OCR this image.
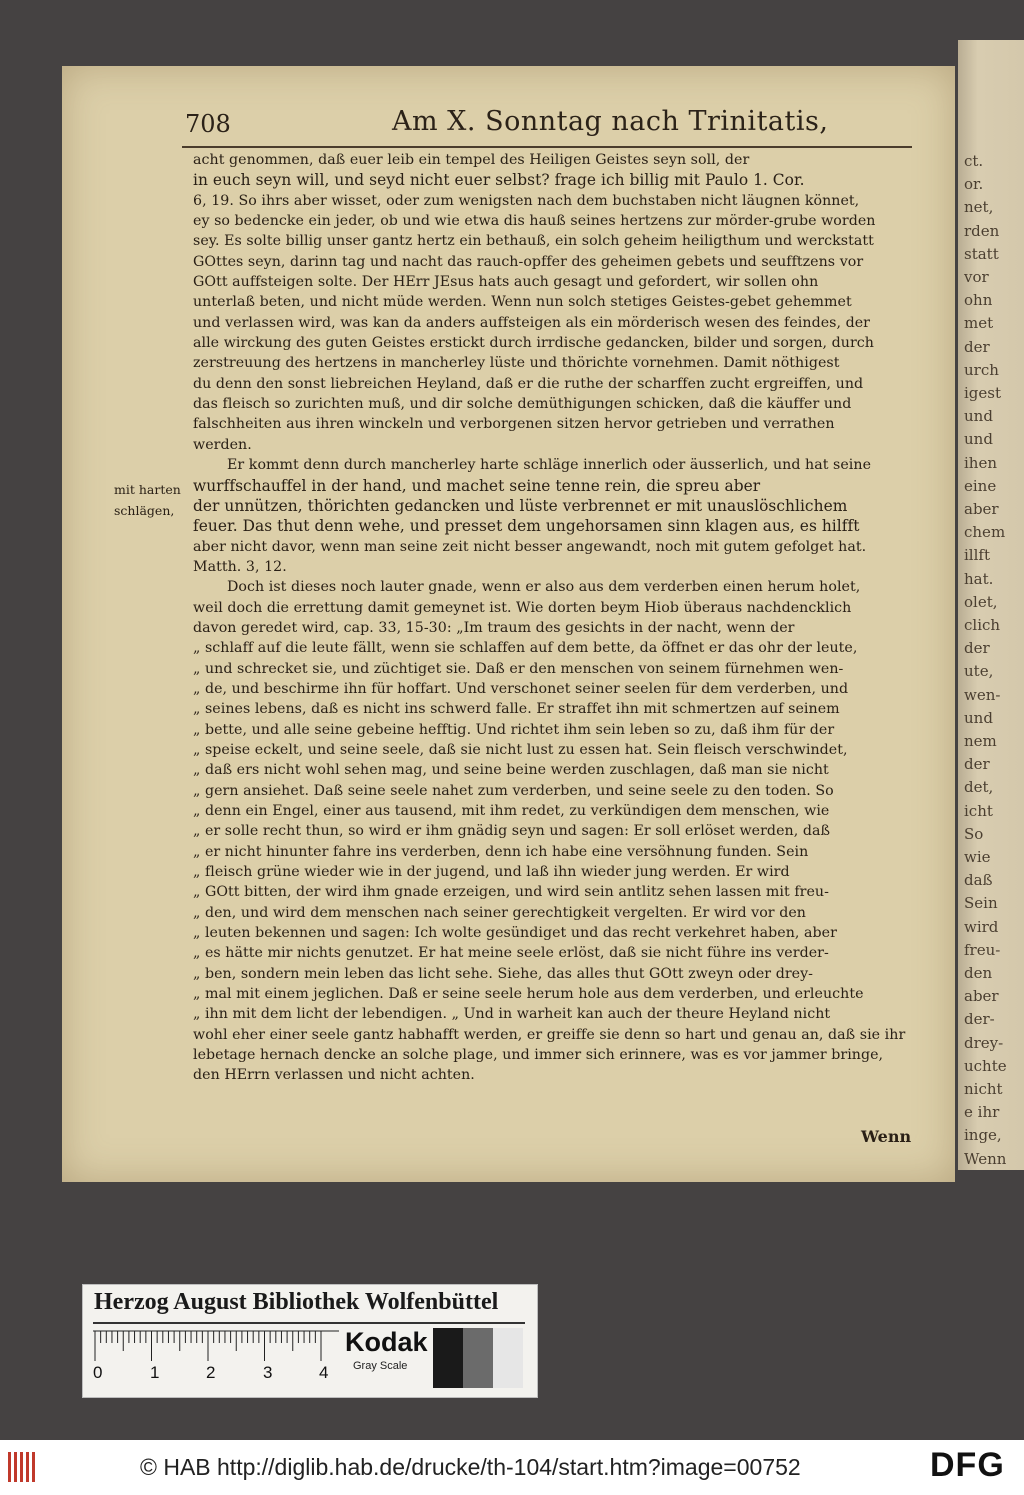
ct.
or.
net,
rden
statt
vor
ohn
met
der
urch
igest
und
und
ihen
eine
aber
chem
illft
hat.
olet,
clich
der
ute,
wen-
und
nem
der
det,
icht
So
wie
daß
Sein
wird
freu-
den
aber
der-
drey-
uchte
nicht
e ihr
inge,
Wenn
708	Am X. Sonntag nach Trinitatis,
mit harten
schlägen,
acht genommen, daß euer leib ein tempel des Heiligen Geistes seyn soll, der
in euch seyn will, und seyd nicht euer selbst? frage ich billig mit Paulo 1. Cor.
6, 19. So ihrs aber wisset, oder zum wenigsten nach dem buchstaben nicht läugnen könnet,
ey so bedencke ein jeder, ob und wie etwa dis hauß seines hertzens zur mörder-grube worden
sey. Es solte billig unser gantz hertz ein bethauß, ein solch geheim heiligthum und werckstatt
GOttes seyn, darinn tag und nacht das rauch-opffer des geheimen gebets und seufftzens vor
GOtt auffsteigen solte. Der HErr JEsus hats auch gesagt und gefordert, wir sollen ohn
unterlaß beten, und nicht müde werden. Wenn nun solch stetiges Geistes-gebet gehemmet
und verlassen wird, was kan da anders auffsteigen als ein mörderisch wesen des feindes, der
alle wirckung des guten Geistes erstickt durch irrdische gedancken, bilder und sorgen, durch
zerstreuung des hertzens in mancherley lüste und thörichte vornehmen. Damit nöthigest
du denn den sonst liebreichen Heyland, daß er die ruthe der scharffen zucht ergreiffen, und
das fleisch so zurichten muß, und dir solche demüthigungen schicken, daß die käuffer und
falschheiten aus ihren winckeln und verborgenen sitzen hervor getrieben und verrathen
werden.
Er kommt denn durch mancherley harte schläge innerlich oder äusserlich, und hat seine
wurffschauffel in der hand, und machet seine tenne rein, die spreu aber
der unnützen, thörichten gedancken und lüste verbrennet er mit unauslöschlichem
feuer. Das thut denn wehe, und presset dem ungehorsamen sinn klagen aus, es hilfft
aber nicht davor, wenn man seine zeit nicht besser angewandt, noch mit gutem gefolget hat.
Matth. 3, 12.
Doch ist dieses noch lauter gnade, wenn er also aus dem verderben einen herum holet,
weil doch die errettung damit gemeynet ist. Wie dorten beym Hiob überaus nachdencklich
davon geredet wird, cap. 33, 15-30: „Im traum des gesichts in der nacht, wenn der
„ schlaff auf die leute fällt, wenn sie schlaffen auf dem bette, da öffnet er das ohr der leute,
„ und schrecket sie, und züchtiget sie. Daß er den menschen von seinem fürnehmen wen-
„ de, und beschirme ihn für hoffart. Und verschonet seiner seelen für dem verderben, und
„ seines lebens, daß es nicht ins schwerd falle. Er straffet ihn mit schmertzen auf seinem
„ bette, und alle seine gebeine hefftig. Und richtet ihm sein leben so zu, daß ihm für der
„ speise eckelt, und seine seele, daß sie nicht lust zu essen hat. Sein fleisch verschwindet,
„ daß ers nicht wohl sehen mag, und seine beine werden zuschlagen, daß man sie nicht
„ gern ansiehet. Daß seine seele nahet zum verderben, und seine seele zu den toden. So
„ denn ein Engel, einer aus tausend, mit ihm redet, zu verkündigen dem menschen, wie
„ er solle recht thun, so wird er ihm gnädig seyn und sagen: Er soll erlöset werden, daß
„ er nicht hinunter fahre ins verderben, denn ich habe eine versöhnung funden. Sein
„ fleisch grüne wieder wie in der jugend, und laß ihn wieder jung werden. Er wird
„ GOtt bitten, der wird ihm gnade erzeigen, und wird sein antlitz sehen lassen mit freu-
„ den, und wird dem menschen nach seiner gerechtigkeit vergelten. Er wird vor den
„ leuten bekennen und sagen: Ich wolte gesündiget und das recht verkehret haben, aber
„ es hätte mir nichts genutzet. Er hat meine seele erlöst, daß sie nicht führe ins verder-
„ ben, sondern mein leben das licht sehe. Siehe, das alles thut GOtt zweyn oder drey-
„ mal mit einem jeglichen. Daß er seine seele herum hole aus dem verderben, und erleuchte
„ ihn mit dem licht der lebendigen. „ Und in warheit kan auch der theure Heyland nicht
wohl eher einer seele gantz habhafft werden, er greiffe sie denn so hart und genau an, daß sie ihr
lebetage hernach dencke an solche plage, und immer sich erinnere, was es vor jammer bringe,
den HErrn verlassen und nicht achten.
Wenn
Herzog August Bibliothek Wolfenbüttel
0	1	2	3	4
Kodak
Gray Scale
© HAB http://diglib.hab.de/drucke/th-104/start.htm?image=00752	DFG
